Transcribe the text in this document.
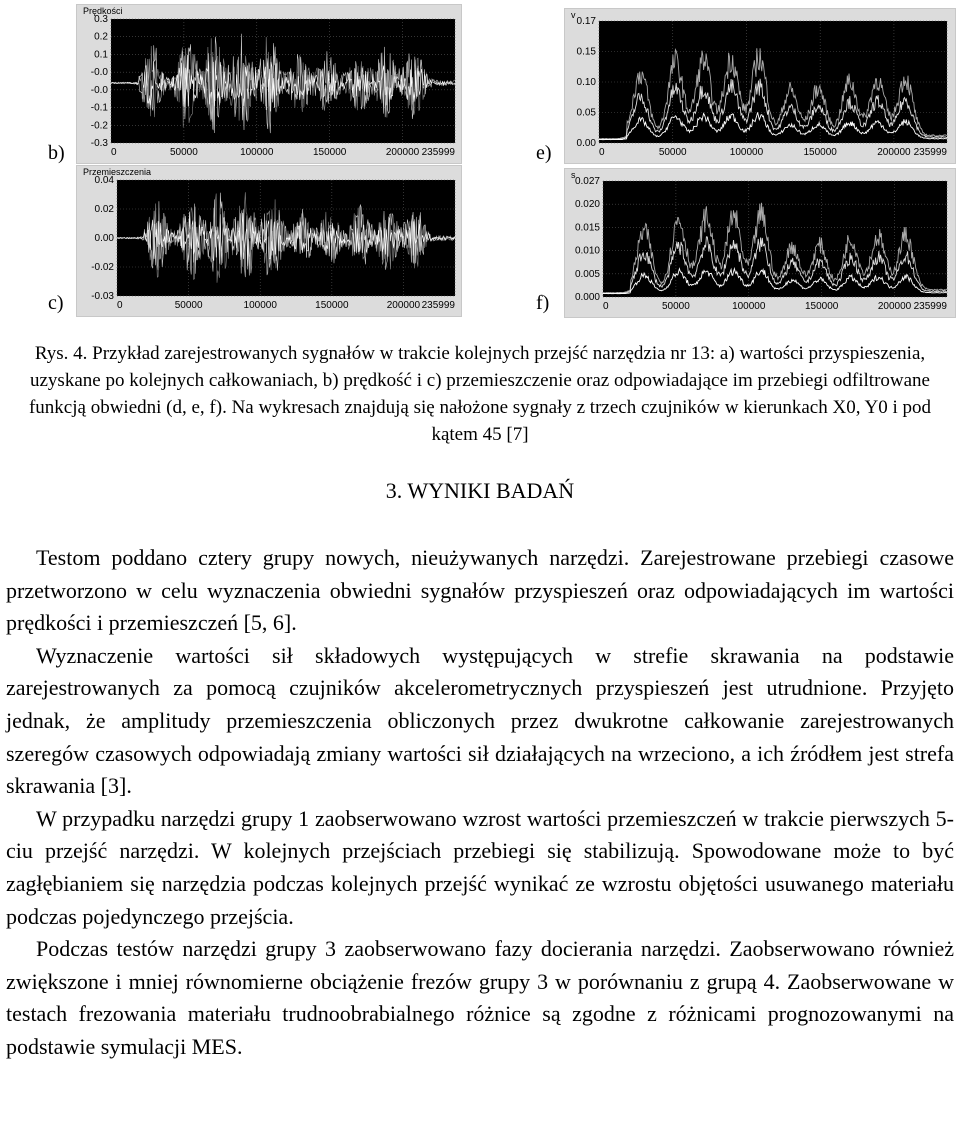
b)
c)
e)
f)
0.3
0.2
0.1
-0.0
-0.0
-0.1
-0.2
-0.3
0	50000	100000	150000	200000 235999
Prędkości
0.04
0.02
0.00
-0.02
-0.03
0	50000	100000	150000	200000 235999
Przemieszczenia
0.17
0.15
0.10
0.05
0.00
0	50000	100000	150000	200000 235999
v
0.027
0.020
0.015
0.010
0.005
0.000
0	50000	100000	150000	200000 235999
s
Rys. 4. Przykład zarejestrowanych sygnałów w trakcie kolejnych przejść narzędzia nr 13: a) wartości przyspieszenia, uzyskane po kolejnych całkowaniach, b) prędkość i c) przemieszczenie oraz odpowiadające im przebiegi odfiltrowane funkcją obwiedni (d, e, f). Na wykresach znajdują się nałożone sygnały z trzech czujników w kierunkach X0, Y0 i pod kątem 45 [7]
3. WYNIKI BADAŃ

Testom poddano cztery grupy nowych, nieużywanych narzędzi. Zarejestrowane przebiegi czasowe przetworzono w celu wyznaczenia obwiedni sygnałów przyspieszeń oraz odpowiadających im wartości prędkości i przemieszczeń [5, 6].

Wyznaczenie wartości sił składowych występujących w strefie skrawania na podstawie zarejestrowanych za pomocą czujników akcelerometrycznych przyspieszeń jest utrudnione. Przyjęto jednak, że amplitudy przemieszczenia obliczonych przez dwukrotne całkowanie zarejestrowanych szeregów czasowych odpowiadają zmiany wartości sił działających na wrzeciono, a ich źródłem jest strefa skrawania [3].

W przypadku narzędzi grupy 1 zaobserwowano wzrost wartości przemieszczeń w trakcie pierwszych 5-ciu przejść narzędzi. W kolejnych przejściach przebiegi się stabilizują. Spowodowane może to być zagłębianiem się narzędzia podczas kolejnych przejść wynikać ze wzrostu objętości usuwanego materiału podczas pojedynczego przejścia.

Podczas testów narzędzi grupy 3 zaobserwowano fazy docierania narzędzi. Zaobserwowano również zwiększone i mniej równomierne obciążenie frezów grupy 3 w porównaniu z grupą 4. Zaobserwowane w testach frezowania materiału trudnoobrabialnego różnice są zgodne z różnicami prognozowanymi na podstawie symulacji MES.
